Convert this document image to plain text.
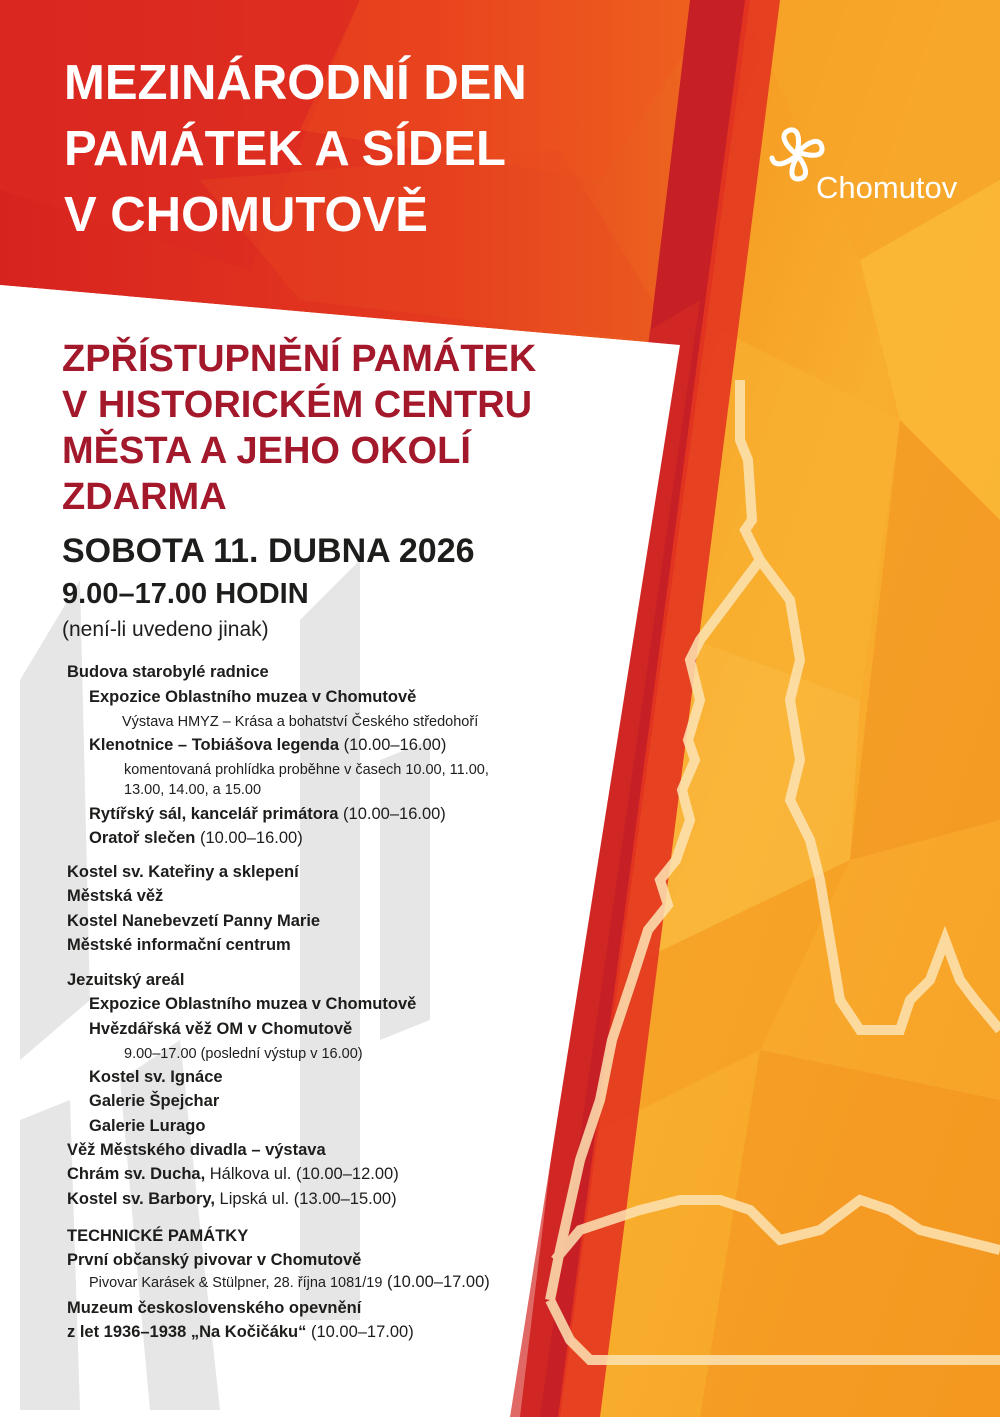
MEZINÁRODNÍ DEN
PAMÁTEK A SÍDEL
V CHOMUTOVĚ
Chomutov
ZPŘÍSTUPNĚNÍ PAMÁTEK
V HISTORICKÉM CENTRU
MĚSTA A JEHO OKOLÍ
ZDARMA
SOBOTA 11. DUBNA 2026
9.00–17.00 HODIN
(není-li uvedeno jinak)
Budova starobylé radnice
Expozice Oblastního muzea v Chomutově
Výstava HMYZ – Krása a bohatství Českého středohoří
Klenotnice – Tobiášova legenda (10.00–16.00)
komentovaná prohlídka proběhne v časech 10.00, 11.00,
13.00, 14.00, a 15.00
Rytířský sál, kancelář primátora (10.00–16.00)
Oratoř slečen (10.00–16.00)
Kostel sv. Kateřiny a sklepení
Městská věž
Kostel Nanebevzetí Panny Marie
Městské informační centrum
Jezuitský areál
Expozice Oblastního muzea v Chomutově
Hvězdářská věž OM v Chomutově
9.00–17.00 (poslední výstup v 16.00)
Kostel sv. Ignáce
Galerie Špejchar
Galerie Lurago
Věž Městského divadla – výstava
Chrám sv. Ducha, Hálkova ul. (10.00–12.00)
Kostel sv. Barbory, Lipská ul. (13.00–15.00)
TECHNICKÉ PAMÁTKY
První občanský pivovar v Chomutově
Pivovar Karásek & Stülpner, 28. října 1081/19 (10.00–17.00)
Muzeum československého opevnění
z let 1936–1938 „Na Kočičáku“ (10.00–17.00)
